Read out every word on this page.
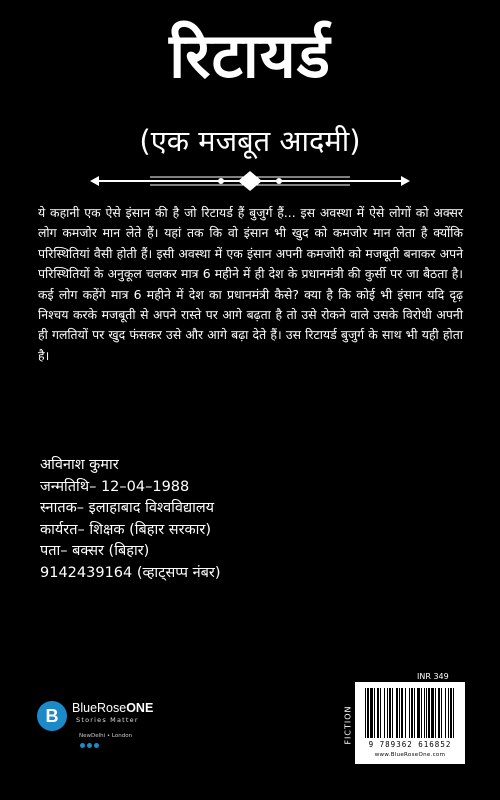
रिटायर्ड
(एक मजबूत आदमी)
ये कहानी एक ऐसे इंसान की है जो रिटायर्ड हैं बुजुर्ग हैं... इस अवस्था में ऐसे लोगों को अक्सर लोग कमजोर मान लेते हैं। यहां तक कि वो इंसान भी खुद को कमजोर मान लेता है क्योंकि परिस्थितियां वैसी होती हैं। इसी अवस्था में एक इंसान अपनी कमजोरी को मजबूती बनाकर अपने परिस्थितियों के अनुकूल चलकर मात्र 6 महीने में ही देश के प्रधानमंत्री की कुर्सी पर जा बैठता है। कई लोग कहेंगे मात्र 6 महीने में देश का प्रधानमंत्री कैसे? क्या है कि कोई भी इंसान यदि दृढ़ निश्चय करके मजबूती से अपने रास्ते पर आगे बढ़ता है तो उसे रोकने वाले उसके विरोधी अपनी ही गलतियों पर खुद फंसकर उसे और आगे बढ़ा देते हैं। उस रिटायर्ड बुजुर्ग के साथ भी यही होता है।
अविनाश कुमार
जन्मतिथि– 12–04–1988
स्नातक– इलाहाबाद विश्वविद्यालय
कार्यरत– शिक्षक (बिहार सरकार)
पता– बक्सर (बिहार)
9142439164 (व्हाट्सप्प नंबर)
B BlueRoseONE
Stories Matter
NewDelhi • London
INR 349
FICTION
9 789362 616852
www.BlueRoseOne.com
